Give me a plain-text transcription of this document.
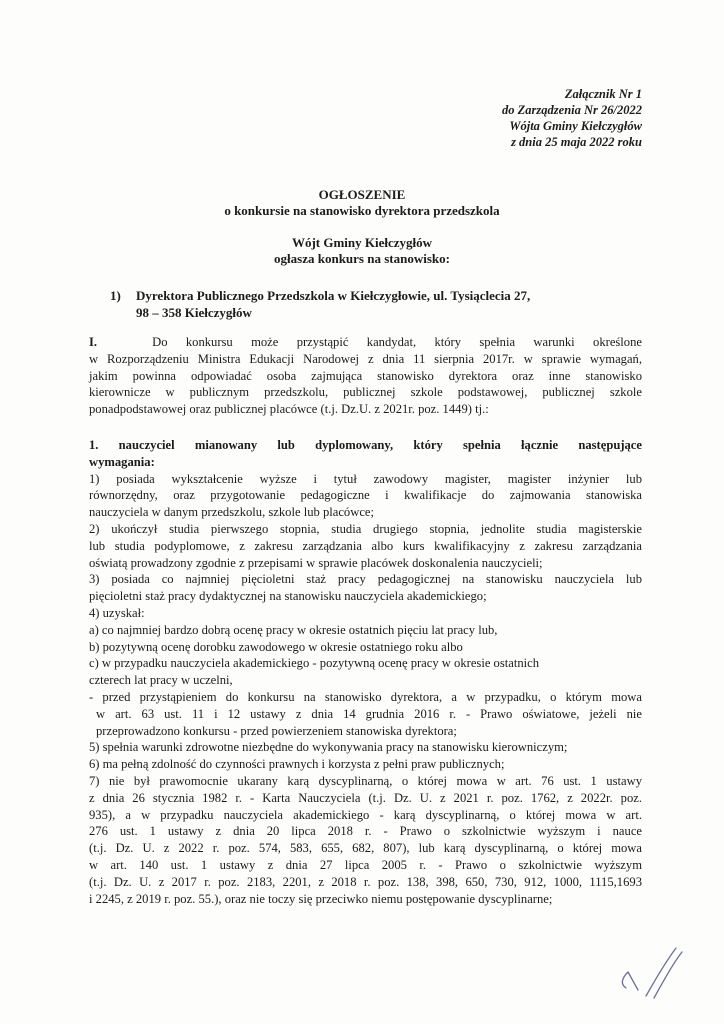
Załącznik Nr 1
do Zarządzenia Nr 26/2022
Wójta Gminy Kiełczygłów
z dnia 25 maja 2022 roku
OGŁOSZENIE
o konkursie na stanowisko dyrektora przedszkola
Wójt Gminy Kiełczygłów
ogłasza konkurs na stanowisko:
1) Dyrektora Publicznego Przedszkola w Kiełczygłowie, ul. Tysiąclecia 27,
98 – 358 Kiełczygłów
I.	Do konkursu może przystąpić kandydat, który spełnia warunki określone
w Rozporządzeniu Ministra Edukacji Narodowej z dnia 11 sierpnia 2017r. w sprawie wymagań,
jakim powinna odpowiadać osoba zajmująca stanowisko dyrektora oraz inne stanowisko
kierownicze w publicznym przedszkolu, publicznej szkole podstawowej, publicznej szkole
ponadpodstawowej oraz publicznej placówce (t.j. Dz.U. z 2021r. poz. 1449) tj.:
1. nauczyciel mianowany lub dyplomowany, który spełnia łącznie następujące
wymagania:
1) posiada wykształcenie wyższe i tytuł zawodowy magister, magister inżynier lub
równorzędny, oraz przygotowanie pedagogiczne i kwalifikacje do zajmowania stanowiska
nauczyciela w danym przedszkolu, szkole lub placówce;
2) ukończył studia pierwszego stopnia, studia drugiego stopnia, jednolite studia magisterskie
lub studia podyplomowe, z zakresu zarządzania albo kurs kwalifikacyjny z zakresu zarządzania
oświatą prowadzony zgodnie z przepisami w sprawie placówek doskonalenia nauczycieli;
3) posiada co najmniej pięcioletni staż pracy pedagogicznej na stanowisku nauczyciela lub
pięcioletni staż pracy dydaktycznej na stanowisku nauczyciela akademickiego;
4) uzyskał:
a) co najmniej bardzo dobrą ocenę pracy w okresie ostatnich pięciu lat pracy lub,
b) pozytywną ocenę dorobku zawodowego w okresie ostatniego roku albo
c) w przypadku nauczyciela akademickiego - pozytywną ocenę pracy w okresie ostatnich
czterech lat pracy w uczelni,
- przed przystąpieniem do konkursu na stanowisko dyrektora, a w przypadku, o którym mowa
w art. 63 ust. 11 i 12 ustawy z dnia 14 grudnia 2016 r. - Prawo oświatowe, jeżeli nie
przeprowadzono konkursu - przed powierzeniem stanowiska dyrektora;
5) spełnia warunki zdrowotne niezbędne do wykonywania pracy na stanowisku kierowniczym;
6) ma pełną zdolność do czynności prawnych i korzysta z pełni praw publicznych;
7) nie był prawomocnie ukarany karą dyscyplinarną, o której mowa w art. 76 ust. 1 ustawy
z dnia 26 stycznia 1982 r. - Karta Nauczyciela (t.j. Dz. U. z 2021 r. poz. 1762, z 2022r. poz.
935), a w przypadku nauczyciela akademickiego - karą dyscyplinarną, o której mowa w art.
276 ust. 1 ustawy z dnia 20 lipca 2018 r. - Prawo o szkolnictwie wyższym i nauce
(t.j. Dz. U. z 2022 r. poz. 574, 583, 655, 682, 807), lub karą dyscyplinarną, o której mowa
w art. 140 ust. 1 ustawy z dnia 27 lipca 2005 r. - Prawo o szkolnictwie wyższym
(t.j. Dz. U. z 2017 r. poz. 2183, 2201, z 2018 r. poz. 138, 398, 650, 730, 912, 1000, 1115,1693
i 2245, z 2019 r. poz. 55.), oraz nie toczy się przeciwko niemu postępowanie dyscyplinarne;
